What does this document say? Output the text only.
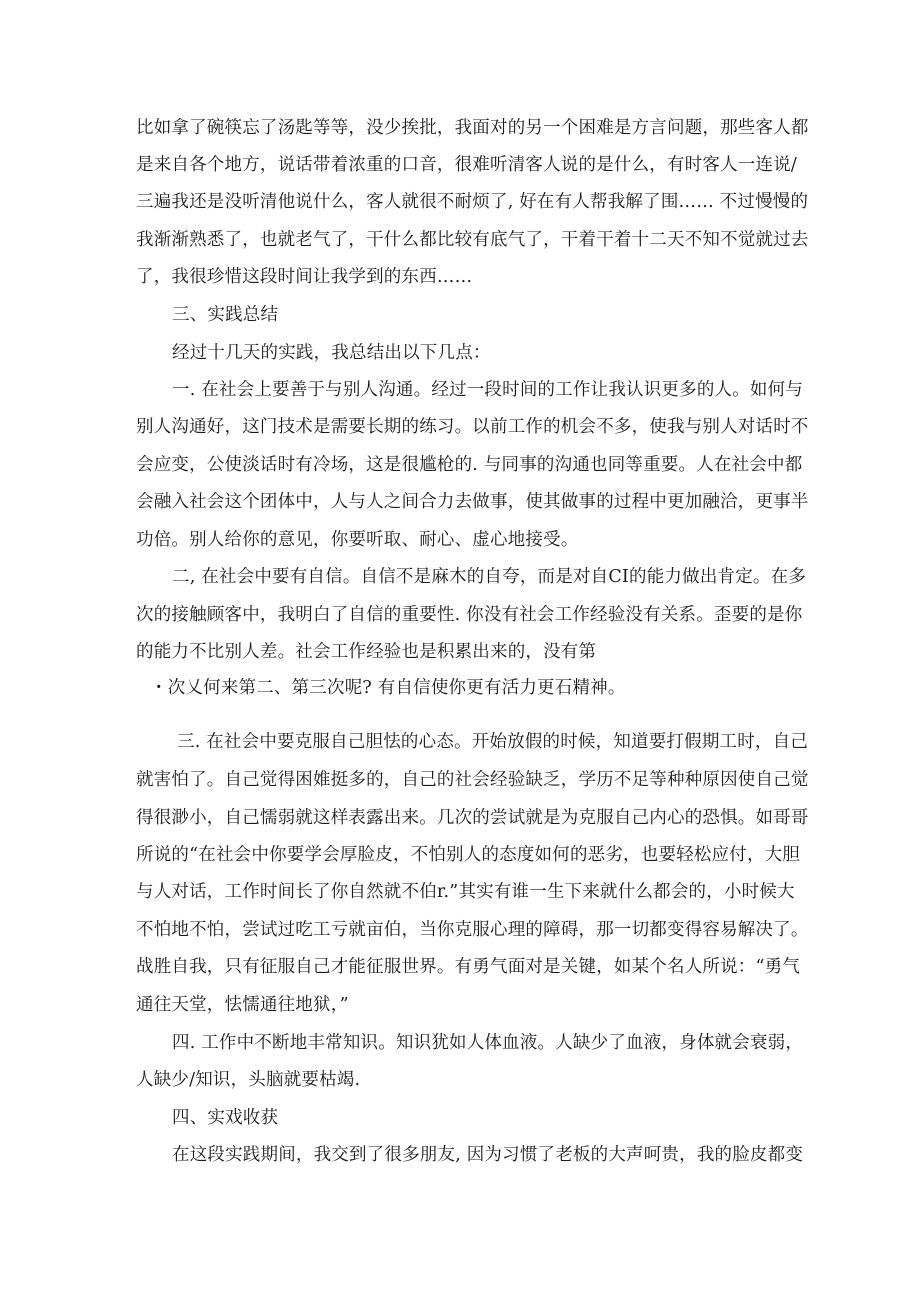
比如拿了碗筷忘了汤匙等等，没少挨批，我面对的另一个困难是方言问题，那些客人都
是来自各个地方，说话带着浓重的口音，很难听清客人说的是什么，有时客人一连说/
三遍我还是没听清他说什么，客人就很不耐烦了, 好在有人帮我解了围…… 不过慢慢的
我渐渐熟悉了，也就老气了，干什么都比较有底气了，干着干着十二天不知不觉就过去
了，我很珍惜这段时间让我学到的东西……
三、实践总结
经过十几天的实践，我总结出以下几点：
一. 在社会上要善于与别人沟通。经过一段时间的工作让我认识更多的人。如何与
别人沟通好，这门技术是需要长期的练习。以前工作的机会不多，使我与别人对话时不
会应变，公使淡话时有冷场，这是很尴枪的. 与同事的沟通也同等重要。人在社会中都
会融入社会这个团体中，人与人之间合力去做事，使其做事的过程中更加融洽，更事半
功倍。别人给你的意见，你要听取、耐心、虚心地接受。
二, 在社会中要有自信。自信不是麻木的自夸，而是对自CI的能力做出肯定。在多
次的接触顾客中，我明白了自信的重要性. 你没有社会工作经验没有关系。歪要的是你
的能力不比别人差。社会工作经验也是积累出来的，没有第
・次乂何来第二、第三次呢? 有自信使你更有活力更石精神。
三. 在社会中要克服自己胆怯的心态。开始放假的时候，知道要打假期工时，自己
就害怕了。自己觉得困婎挺多的，自己的社会经验缺乏，学历不足等种种原因使自己觉
得很渺小，自己懦弱就这样表露出来。几次的尝试就是为克服自己内心的恐惧。如哥哥
所说的“在社会中你要学会厚脸皮，不怕别人的态度如何的恶劣，也要轻松应付，大胆
与人对话，工作时间长了你自然就不伯r.”其实有谁一生下来就什么都会的，小时候大
不怕地不怕，尝试过吃工亏就亩伯，当你克服心理的障碍，那一切都变得容易解决了。
战胜自我，只有征服自己才能征服世界。有勇气面对是关键，如某个名人所说：“勇气
通往天堂，怯懦通往地狱，”
四. 工作中不断地丰常知识。知识犹如人体血液。人缺少了血液，身体就会衰弱，
人缺少/知识，头脑就要枯竭.
四、实戏收获
在这段实践期间，我交到了很多朋友, 因为习惯了老板的大声呵贵，我的脸皮都变
